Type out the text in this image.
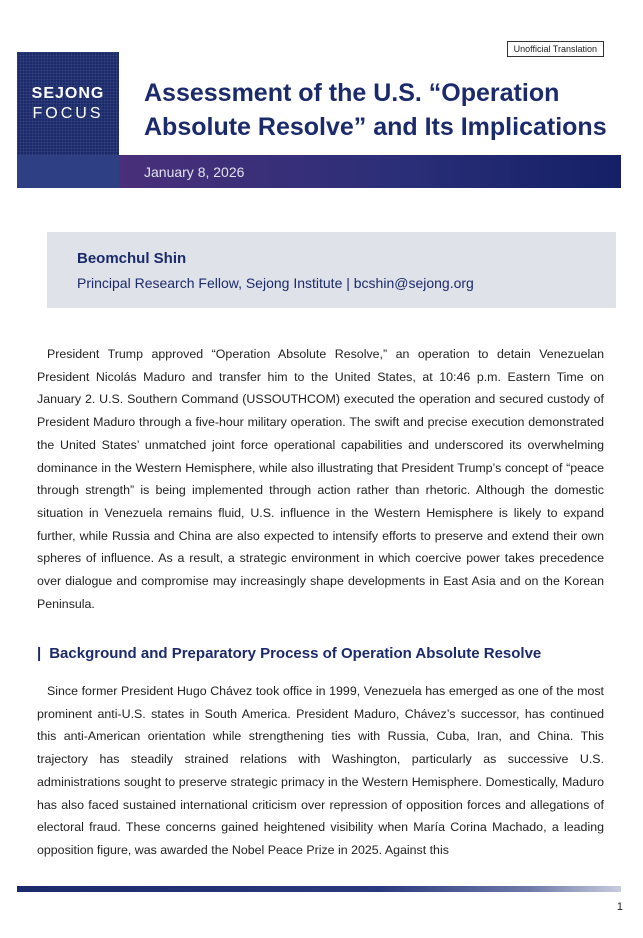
Unofficial Translation
SEJONG
FOCUS
Assessment of the U.S. “Operation
Absolute Resolve” and Its Implications
January 8, 2026
Beomchul Shin
Principal Research Fellow, Sejong Institute | bcshin@sejong.org

President Trump approved “Operation Absolute Resolve,” an operation to detain Venezuelan President Nicolás Maduro and transfer him to the United States, at 10:46 p.m. Eastern Time on January 2. U.S. Southern Command (USSOUTHCOM) executed the operation and secured custody of President Maduro through a five-hour military operation. The swift and precise execution demonstrated the United States’ unmatched joint force operational capabilities and underscored its overwhelming dominance in the Western Hemisphere, while also illustrating that President Trump’s concept of “peace through strength” is being implemented through action rather than rhetoric. Although the domestic situation in Venezuela remains fluid, U.S. influence in the Western Hemisphere is likely to expand further, while Russia and China are also expected to intensify efforts to preserve and extend their own spheres of influence. As a result, a strategic environment in which coercive power takes precedence over dialogue and compromise may increasingly shape developments in East Asia and on the Korean Peninsula.

| Background and Preparatory Process of Operation Absolute Resolve

Since former President Hugo Chávez took office in 1999, Venezuela has emerged as one of the most prominent anti-U.S. states in South America. President Maduro, Chávez’s successor, has continued this anti-American orientation while strengthening ties with Russia, Cuba, Iran, and China. This trajectory has steadily strained relations with Washington, particularly as successive U.S. administrations sought to preserve strategic primacy in the Western Hemisphere. Domestically, Maduro has also faced sustained international criticism over repression of opposition forces and allegations of electoral fraud. These concerns gained heightened visibility when María Corina Machado, a leading opposition figure, was awarded the Nobel Peace Prize in 2025. Against this

1
